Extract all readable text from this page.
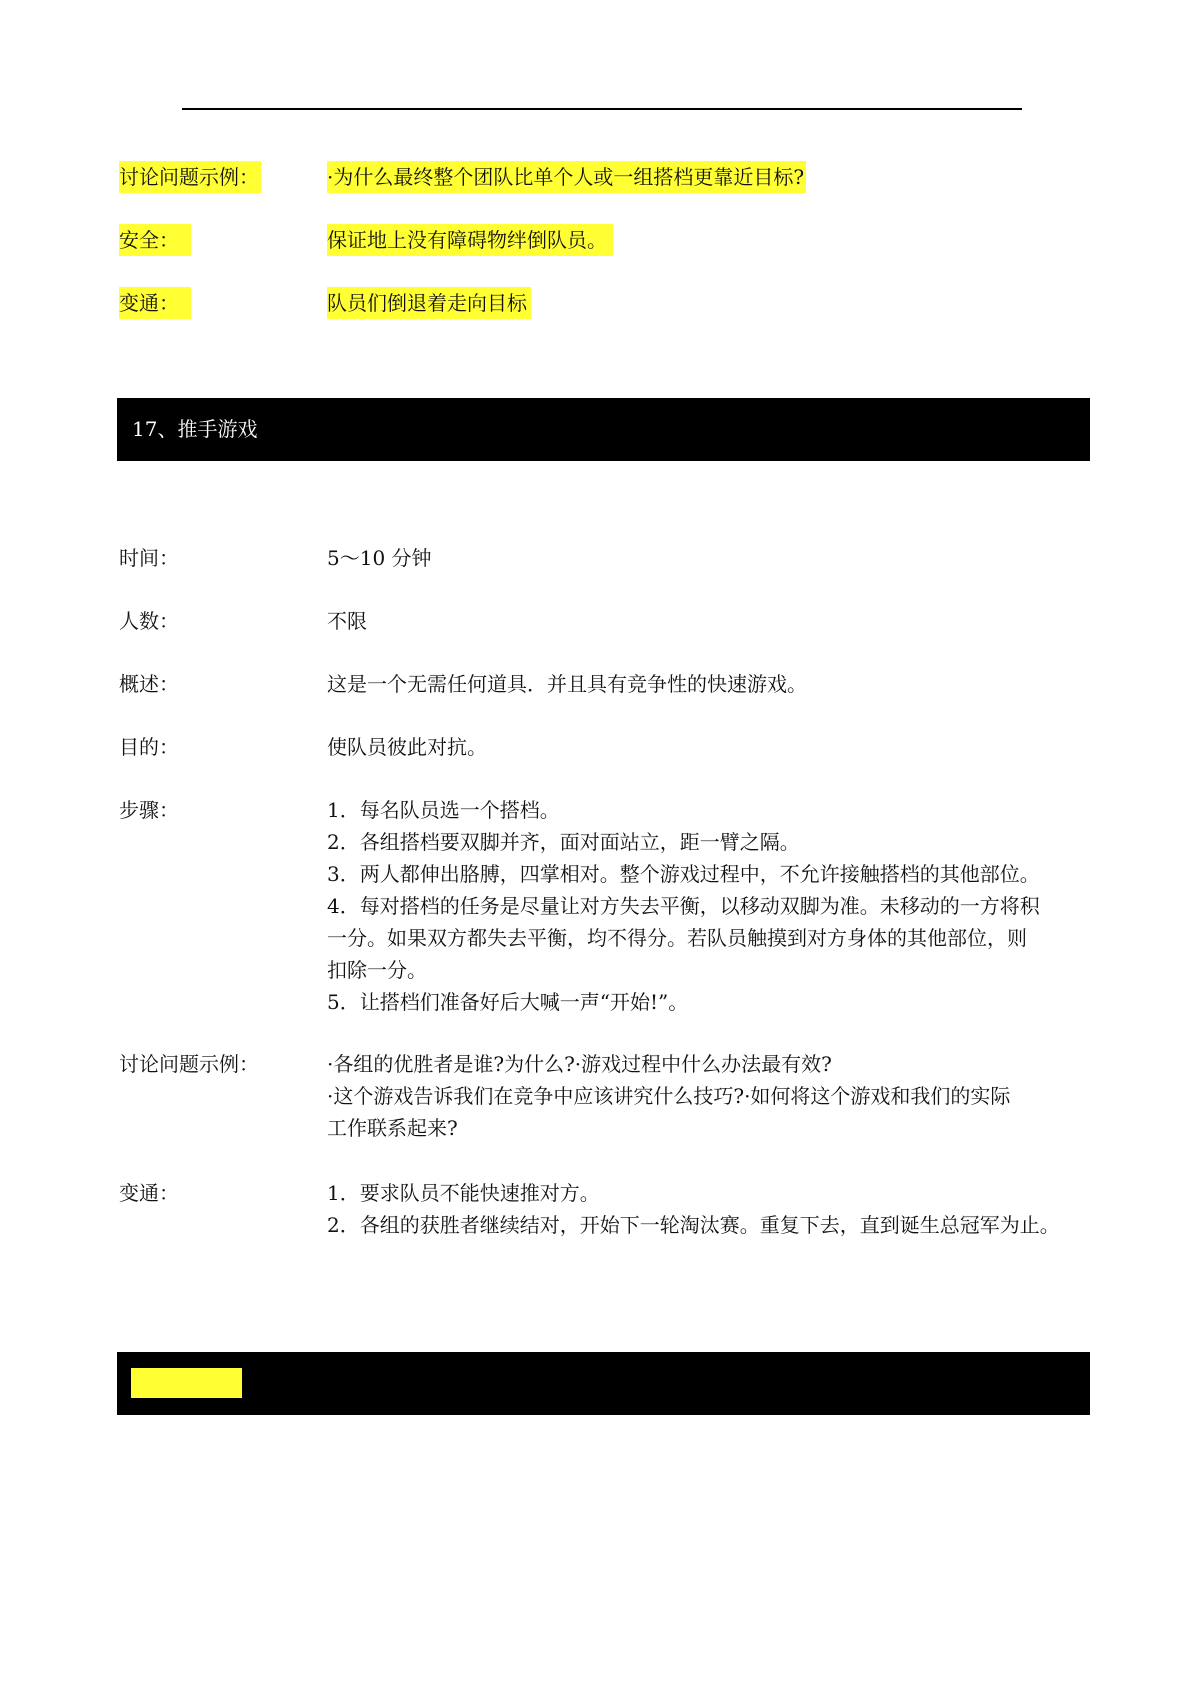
讨论问题示例：	·为什么最终整个团队比单个人或一组搭档更靠近目标?
安全：	保证地上没有障碍物绊倒队员。
变通：	队员们倒退着走向目标
17、推手游戏
时间：	5～10 分钟
人数：	不限
概述：	这是一个无需任何道具．并且具有竞争性的快速游戏。
目的：	使队员彼此对抗。
步骤：	1．每名队员选一个搭档。
2．各组搭档要双脚并齐，面对面站立，距一臂之隔。
3．两人都伸出胳膊，四掌相对。整个游戏过程中，不允许接触搭档的其他部位。
4．每对搭档的任务是尽量让对方失去平衡，以移动双脚为准。未移动的一方将积
一分。如果双方都失去平衡，均不得分。若队员触摸到对方身体的其他部位，则
扣除一分。
5．让搭档们准备好后大喊一声“开始!”。
讨论问题示例：	·各组的优胜者是谁?为什么?·游戏过程中什么办法最有效?
·这个游戏告诉我们在竞争中应该讲究什么技巧?·如何将这个游戏和我们的实际
工作联系起来?
变通：	1．要求队员不能快速推对方。
2．各组的获胜者继续结对，开始下一轮淘汰赛。重复下去，直到诞生总冠军为止。
18、第六感
